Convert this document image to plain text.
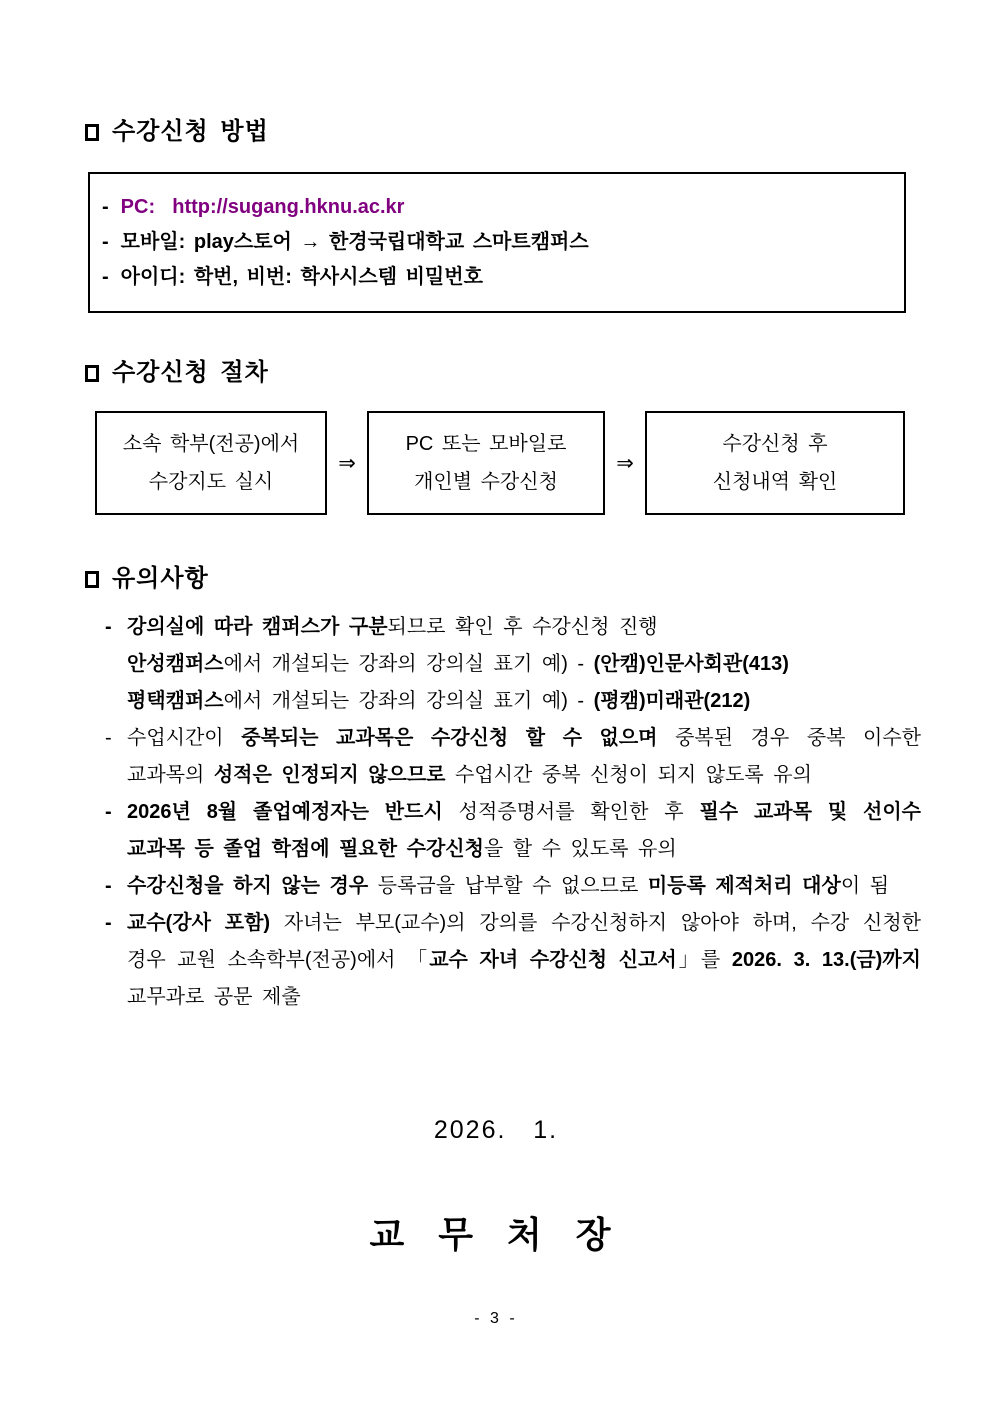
수강신청 방법
- PC:  http://sugang.hknu.ac.kr
- 모바일: play스토어 → 한경국립대학교 스마트캠퍼스
- 아이디: 학번, 비번: 학사시스템 비밀번호
수강신청 절차
소속 학부(전공)에서
수강지도 실시
⇒
PC 또는 모바일로
개인별 수강신청
⇒
수강신청 후
신청내역 확인
유의사항
- 강의실에 따라 캠퍼스가 구분되므로 확인 후 수강신청 진행

안성캠퍼스에서 개설되는 강좌의 강의실 표기 예) - (안캠)인문사회관(413)

평택캠퍼스에서 개설되는 강좌의 강의실 표기 예) - (평캠)미래관(212)

- 수업시간이 중복되는 교과목은 수강신청 할 수 없으며 중복된 경우 중복 이수한 교과목의 성적은 인정되지 않으므로 수업시간 중복 신청이 되지 않도록 유의

- 2026년 8월 졸업예정자는 반드시 성적증명서를 확인한 후 필수 교과목 및 선이수 교과목 등 졸업 학점에 필요한 수강신청을 할 수 있도록 유의

- 수강신청을 하지 않는 경우 등록금을 납부할 수 없으므로 미등록 제적처리 대상이 됨

- 교수(강사 포함) 자녀는 부모(교수)의 강의를 수강신청하지 않아야 하며, 수강 신청한 경우 교원 소속학부(전공)에서 「교수 자녀 수강신청 신고서」를 2026. 3. 13.(금)까지 교무과로 공문 제출

2026.   1.
교 무 처 장
- 3 -
